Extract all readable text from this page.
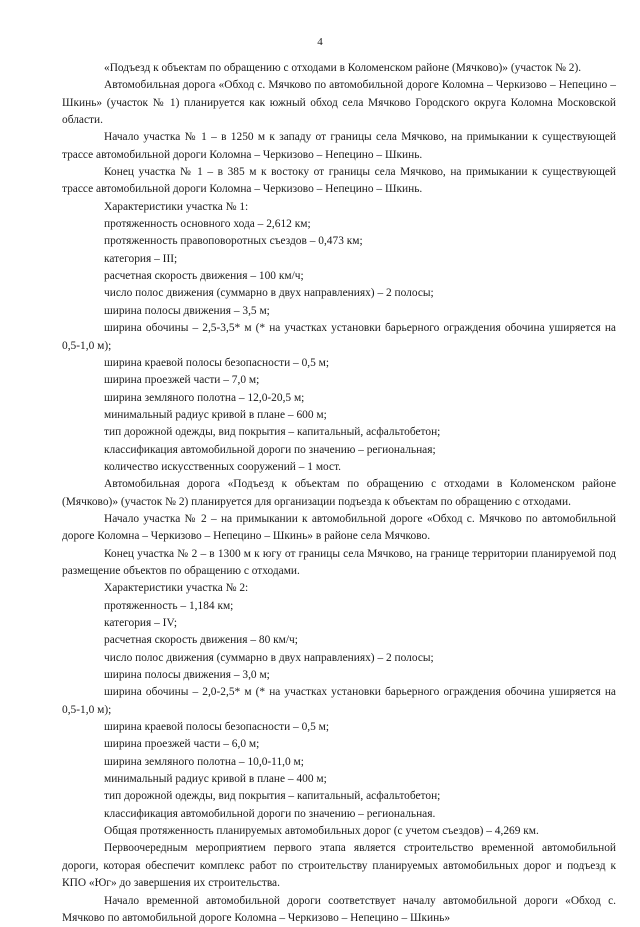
4

«Подъезд к объектам по обращению с отходами в Коломенском районе (Мячково)» (участок № 2).

Автомобильная дорога «Обход с. Мячково по автомобильной дороге Коломна – Черкизово – Непецино – Шкинь» (участок № 1) планируется как южный обход села Мячково Городского округа Коломна Московской области.

Начало участка № 1 – в 1250 м к западу от границы села Мячково, на примыкании к существующей трассе автомобильной дороги Коломна – Черкизово – Непецино – Шкинь.

Конец участка № 1 – в 385 м к востоку от границы села Мячково, на примыкании к существующей трассе автомобильной дороги Коломна – Черкизово – Непецино – Шкинь.

Характеристики участка № 1:

протяженность основного хода – 2,612 км;

протяженность правоповоротных съездов – 0,473 км;

категория – III;

расчетная скорость движения – 100 км/ч;

число полос движения (суммарно в двух направлениях) – 2 полосы;

ширина полосы движения – 3,5 м;

ширина обочины – 2,5-3,5* м (* на участках установки барьерного ограждения обочина уширяется на 0,5-1,0 м);

ширина краевой полосы безопасности – 0,5 м;

ширина проезжей части – 7,0 м;

ширина земляного полотна – 12,0-20,5 м;

минимальный радиус кривой в плане – 600 м;

тип дорожной одежды, вид покрытия – капитальный, асфальтобетон;

классификация автомобильной дороги по значению – региональная;

количество искусственных сооружений – 1 мост.

Автомобильная дорога «Подъезд к объектам по обращению с отходами в Коломенском районе (Мячково)» (участок № 2) планируется для организации подъезда к объектам по обращению с отходами.

Начало участка № 2 – на примыкании к автомобильной дороге «Обход с. Мячково по автомобильной дороге Коломна – Черкизово – Непецино – Шкинь» в районе села Мячково.

Конец участка № 2 – в 1300 м к югу от границы села Мячково, на границе территории планируемой под размещение объектов по обращению с отходами.

Характеристики участка № 2:

протяженность – 1,184 км;

категория – IV;

расчетная скорость движения – 80 км/ч;

число полос движения (суммарно в двух направлениях) – 2 полосы;

ширина полосы движения – 3,0 м;

ширина обочины – 2,0-2,5* м (* на участках установки барьерного ограждения обочина уширяется на 0,5-1,0 м);

ширина краевой полосы безопасности – 0,5 м;

ширина проезжей части – 6,0 м;

ширина земляного полотна – 10,0-11,0 м;

минимальный радиус кривой в плане – 400 м;

тип дорожной одежды, вид покрытия – капитальный, асфальтобетон;

классификация автомобильной дороги по значению – региональная.

Общая протяженность планируемых автомобильных дорог (с учетом съездов) – 4,269 км.

Первоочередным мероприятием первого этапа является строительство временной автомобильной дороги, которая обеспечит комплекс работ по строительству планируемых автомобильных дорог и подъезд к КПО «Юг» до завершения их строительства.

Начало временной автомобильной дороги соответствует началу автомобильной дороги «Обход с. Мячково по автомобильной дороге Коломна – Черкизово – Непецино – Шкинь»
